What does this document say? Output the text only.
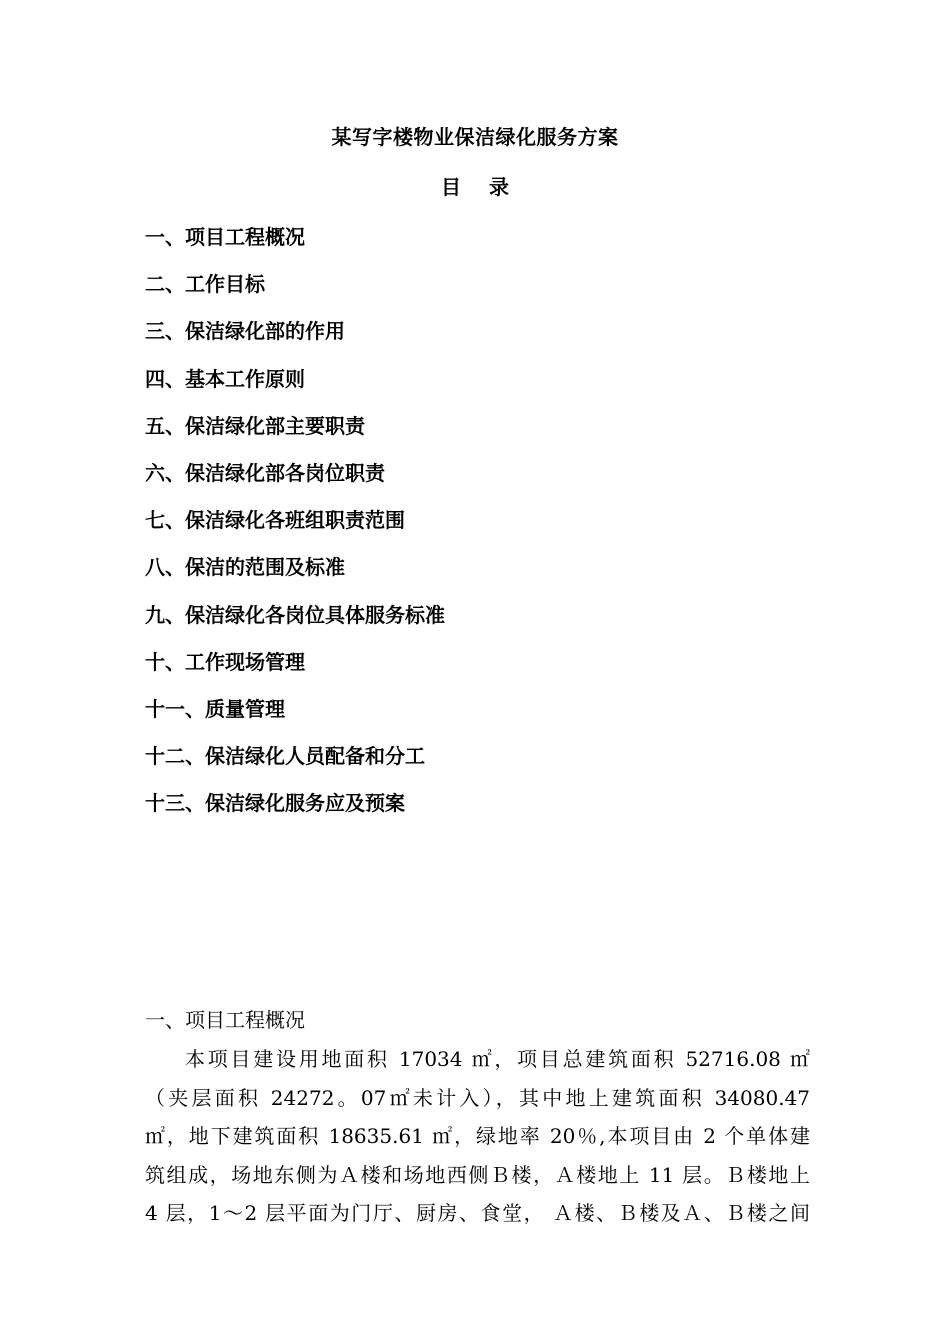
某写字楼物业保洁绿化服务方案
目 录
一、项目工程概况
二、工作目标
三、保洁绿化部的作用
四、基本工作原则
五、保洁绿化部主要职责
六、保洁绿化部各岗位职责
七、保洁绿化各班组职责范围
八、保洁的范围及标准
九、保洁绿化各岗位具体服务标准
十、工作现场管理
十一、质量管理
十二、保洁绿化人员配备和分工
十三、保洁绿化服务应及预案
一、项目工程概况
本项目建设用地面积 17034 ㎡，项目总建筑面积 52716.08 ㎡
（夹层面积 24272。07㎡未计入），其中地上建筑面积 34080.47
㎡，地下建筑面积 18635.61 ㎡，绿地率 20％,本项目由 2 个单体建
筑组成，场地东侧为Ａ楼和场地西侧Ｂ楼，Ａ楼地上 11 层。Ｂ楼地上
4 层，1～2 层平面为门厅、厨房、食堂， Ａ楼、Ｂ楼及Ａ、Ｂ楼之间
